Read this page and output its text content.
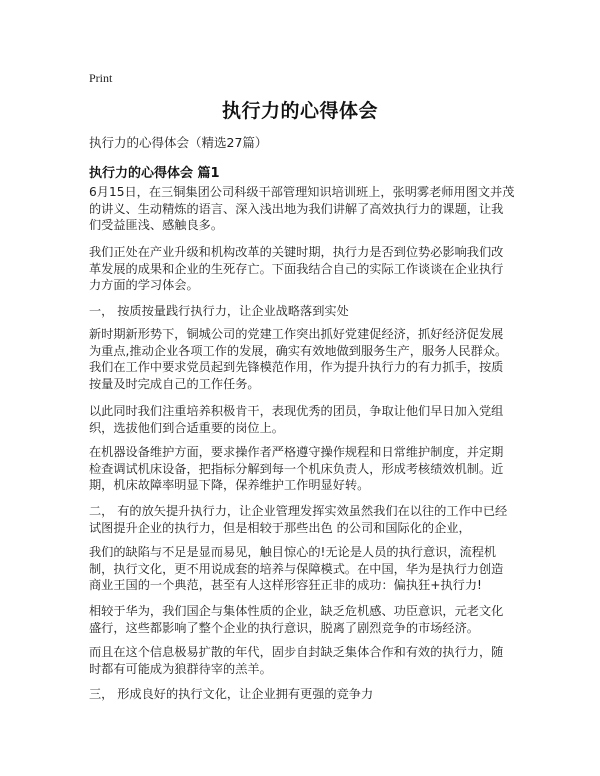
Print
执行力的心得体会
执行力的心得体会（精选27篇）
执行力的心得体会 篇1

6月15日，在三铜集团公司科级干部管理知识培训班上，张明雾老师用图文并茂的讲义、生动精炼的语言、深入浅出地为我们讲解了高效执行力的课题，让我们受益匪浅、感触良多。

我们正处在产业升级和机构改革的关键时期，执行力是否到位势必影响我们改革发展的成果和企业的生死存亡。下面我结合自己的实际工作谈谈在企业执行力方面的学习体会。

一， 按质按量践行执行力，让企业战略落到实处

新时期新形势下，铜城公司的党建工作突出抓好党建促经济，抓好经济促发展为重点,推动企业各项工作的发展，确实有效地做到服务生产，服务人民群众。我们在工作中要求党员起到先锋模范作用，作为提升执行力的有力抓手，按质按量及时完成自己的工作任务。

以此同时我们注重培养积极肯干，表现优秀的团员，争取让他们早日加入党组织，选拔他们到合适重要的岗位上。

在机器设备维护方面，要求操作者严格遵守操作规程和日常维护制度，并定期检查调试机床设备，把指标分解到每一个机床负责人，形成考核绩效机制。近期，机床故障率明显下降，保养维护工作明显好转。

二， 有的放矢提升执行力，让企业管理发挥实效虽然我们在以往的工作中已经试图提升企业的执行力，但是相较于那些出色 的公司和国际化的企业，

我们的缺陷与不足是显而易见，触目惊心的!无论是人员的执行意识，流程机制，执行文化，更不用说成套的培养与保障模式。在中国，华为是执行力创造商业王国的一个典范，甚至有人这样形容狂正非的成功：偏执狂+执行力!

相较于华为，我们国企与集体性质的企业，缺乏危机感、功臣意识，元老文化盛行，这些都影响了整个企业的执行意识，脱离了剧烈竞争的市场经济。

而且在这个信息极易扩散的年代，固步自封缺乏集体合作和有效的执行力，随时都有可能成为狼群待宰的羔羊。

三， 形成良好的执行文化，让企业拥有更强的竞争力
